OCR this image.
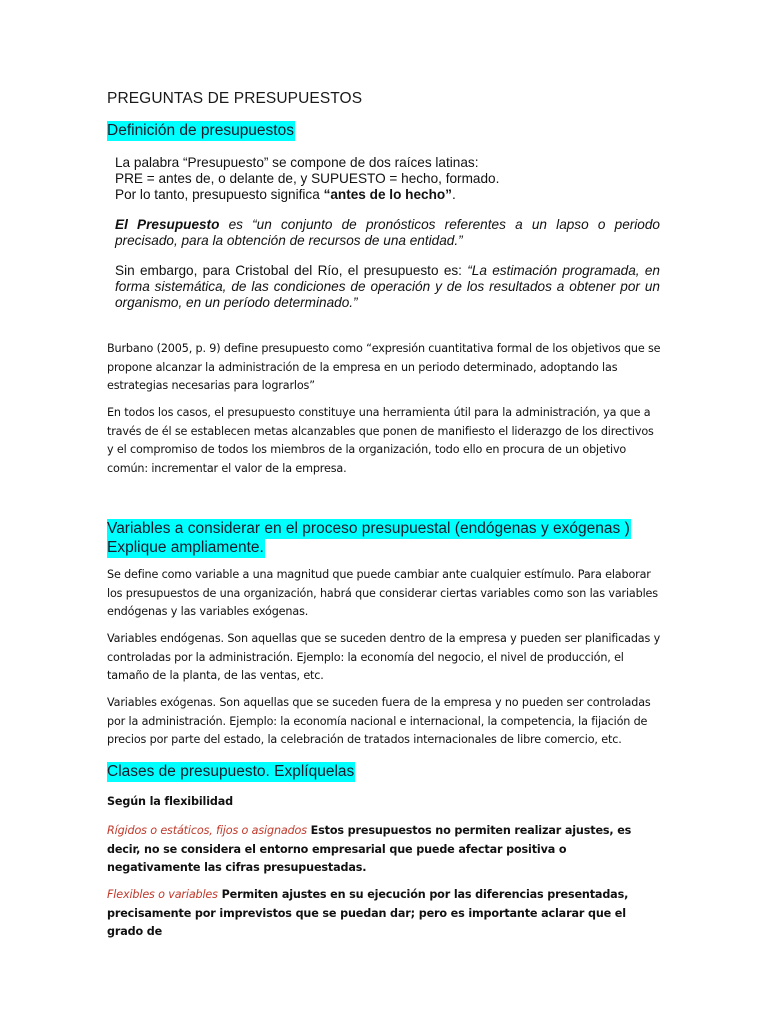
PREGUNTAS DE PRESUPUESTOS
Definición de presupuestos

La palabra “Presupuesto” se compone de dos raíces latinas:

PRE = antes de, o delante de, y SUPUESTO = hecho, formado.

Por lo tanto, presupuesto significa “antes de lo hecho”.

El Presupuesto es “un conjunto de pronósticos referentes a un lapso o periodo precisado, para la obtención de recursos de una entidad.”

Sin embargo, para Cristobal del Río, el presupuesto es: “La estimación programada, en forma sistemática, de las condiciones de operación y de los resultados a obtener por un organismo, en un período determinado.”

Burbano (2005, p. 9) define presupuesto como “expresión cuantitativa formal de los objetivos que se propone alcanzar la administración de la empresa en un periodo determinado, adoptando las estrategias necesarias para lograrlos”

En todos los casos, el presupuesto constituye una herramienta útil para la administración, ya que a través de él se establecen metas alcanzables que ponen de manifiesto el liderazgo de los directivos y el compromiso de todos los miembros de la organización, todo ello en procura de un objetivo común: incrementar el valor de la empresa.

Variables a considerar en el proceso presupuestal (endógenas y exógenas ) Explique ampliamente.

Se define como variable a una magnitud que puede cambiar ante cualquier estímulo. Para elaborar los presupuestos de una organización, habrá que considerar ciertas variables como son las variables endógenas y las variables exógenas.

Variables endógenas. Son aquellas que se suceden dentro de la empresa y pueden ser planificadas y controladas por la administración. Ejemplo: la economía del negocio, el nivel de producción, el tamaño de la planta, de las ventas, etc.

Variables exógenas. Son aquellas que se suceden fuera de la empresa y no pueden ser controladas por la administración. Ejemplo: la economía nacional e internacional, la competencia, la fijación de precios por parte del estado, la celebración de tratados internacionales de libre comercio, etc.

Clases de presupuesto. Explíquelas

Según la flexibilidad

Rígidos o estáticos, fijos o asignados Estos presupuestos no permiten realizar ajustes, es decir, no se considera el entorno empresarial que puede afectar positiva o negativamente las cifras presupuestadas.

Flexibles o variables Permiten ajustes en su ejecución por las diferencias presentadas, precisamente por imprevistos que se puedan dar; pero es importante aclarar que el grado de
